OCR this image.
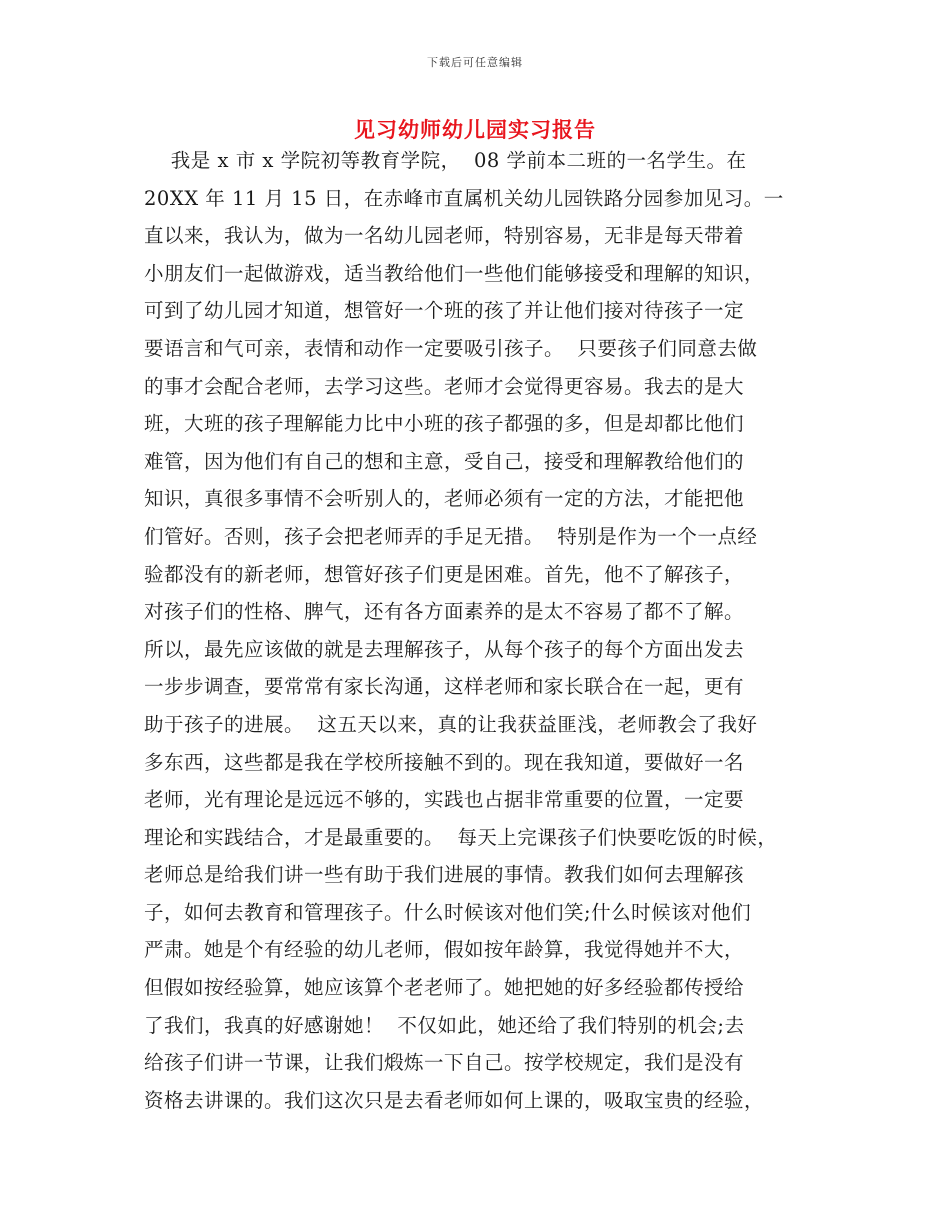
下载后可任意编辑
见习幼师幼儿园实习报告
我是 x 市 x 学院初等教育学院，  08 学前本二班的一名学生。在
20XX 年 11 月 15 日，在赤峰市直属机关幼儿园铁路分园参加见习。一
直以来，我认为，做为一名幼儿园老师，特别容易，无非是每天带着
小朋友们一起做游戏，适当教给他们一些他们能够接受和理解的知识，
可到了幼儿园才知道，想管好一个班的孩了并让他们接对待孩子一定
要语言和气可亲，表情和动作一定要吸引孩子。  只要孩子们同意去做
的事才会配合老师，去学习这些。老师才会觉得更容易。我去的是大
班，大班的孩子理解能力比中小班的孩子都强的多，但是却都比他们
难管，因为他们有自己的想和主意，受自己，接受和理解教给他们的
知识，真很多事情不会听别人的，老师必须有一定的方法，才能把他
们管好。否则，孩子会把老师弄的手足无措。  特别是作为一个一点经
验都没有的新老师，想管好孩子们更是困难。首先，他不了解孩子，
对孩子们的性格、脾气，还有各方面素养的是太不容易了都不了解。
所以，最先应该做的就是去理解孩子，从每个孩子的每个方面出发去
一步步调查，要常常有家长沟通，这样老师和家长联合在一起，更有
助于孩子的进展。  这五天以来，真的让我获益匪浅，老师教会了我好
多东西，这些都是我在学校所接触不到的。现在我知道，要做好一名
老师，光有理论是远远不够的，实践也占据非常重要的位置，一定要
理论和实践结合，才是最重要的。  每天上完课孩子们快要吃饭的时候，
老师总是给我们讲一些有助于我们进展的事情。教我们如何去理解孩
子，如何去教育和管理孩子。什么时候该对他们笑;什么时候该对他们
严肃。她是个有经验的幼儿老师，假如按年龄算，我觉得她并不大，
但假如按经验算，她应该算个老老师了。她把她的好多经验都传授给
了我们，我真的好感谢她！  不仅如此，她还给了我们特别的机会;去
给孩子们讲一节课，让我们煅炼一下自己。按学校规定，我们是没有
资格去讲课的。我们这次只是去看老师如何上课的，吸取宝贵的经验，
